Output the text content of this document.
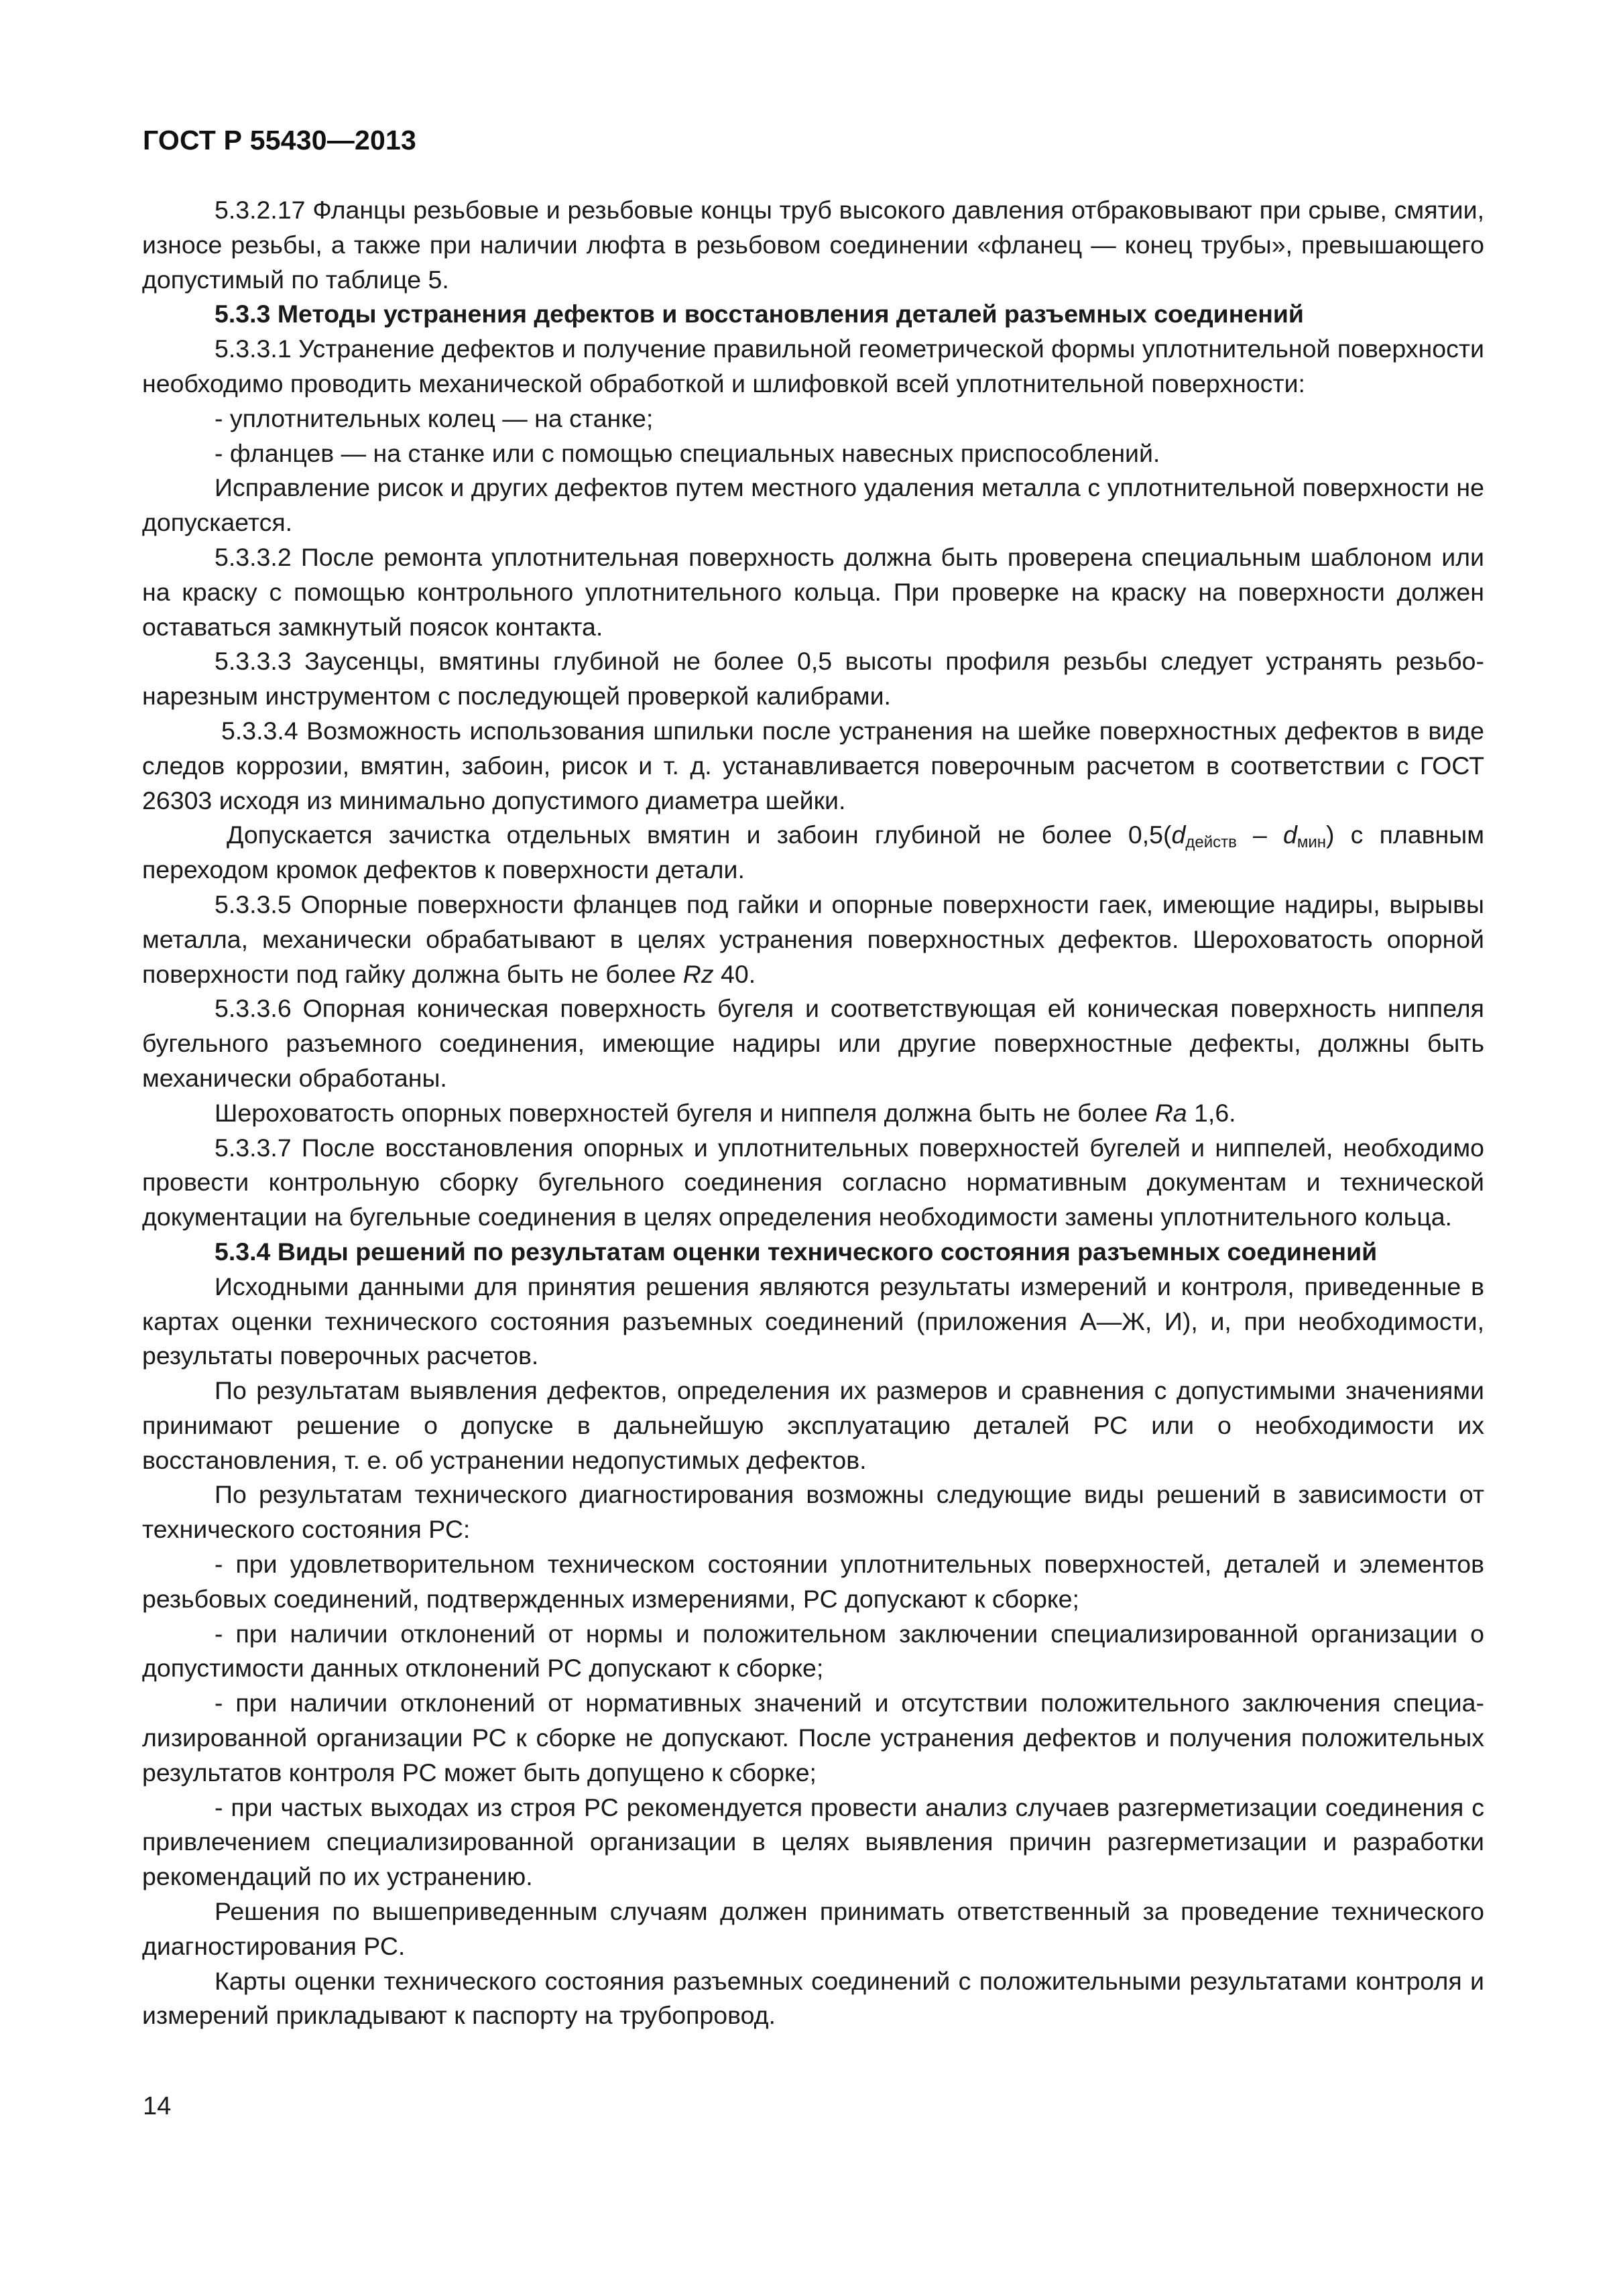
ГОСТ Р 55430—2013

5.3.2.17 Фланцы резьбовые и резьбовые концы труб высокого давления отбраковывают при срыве, смятии, износе резьбы, а также при наличии люфта в резьбовом соединении «фланец — конец трубы», превышающего допустимый по таблице 5.

5.3.3 Методы устранения дефектов и восстановления деталей разъемных соединений

5.3.3.1 Устранение дефектов и получение правильной геометрической формы уплотнительной поверхности необходимо проводить механической обработкой и шлифовкой всей уплотнительной поверхности:

- уплотнительных колец — на станке;

- фланцев — на станке или с помощью специальных навесных приспособлений.

Исправление рисок и других дефектов путем местного удаления металла с уплотнительной поверхности не допускается.

5.3.3.2 После ремонта уплотнительная поверхность должна быть проверена специальным шаблоном или на краску с помощью контрольного уплотнительного кольца. При проверке на краску на поверхности должен оставаться замкнутый поясок контакта.

5.3.3.3 Заусенцы, вмятины глубиной не более 0,5 высоты профиля резьбы следует устранять резьбонарезным инструментом с последующей проверкой калибрами.

5.3.3.4 Возможность использования шпильки после устранения на шейке поверхностных дефектов в виде следов коррозии, вмятин, забоин, рисок и т. д. устанавливается поверочным расчетом в соответствии с ГОСТ 26303 исходя из минимально допустимого диаметра шейки.

Допускается зачистка отдельных вмятин и забоин глубиной не более $0,5(d_{действ} - d_{мин})$ с плавным переходом кромок дефектов к поверхности детали.

5.3.3.5 Опорные поверхности фланцев под гайки и опорные поверхности гаек, имеющие надиры, вырывы металла, механически обрабатывают в целях устранения поверхностных дефектов. Шероховатость опорной поверхности под гайку должна быть не более Rz 40.

5.3.3.6 Опорная коническая поверхность бугеля и соответствующая ей коническая поверхность ниппеля бугельного разъемного соединения, имеющие надиры или другие поверхностные дефекты, должны быть механически обработаны.

Шероховатость опорных поверхностей бугеля и ниппеля должна быть не более Ra 1,6.

5.3.3.7 После восстановления опорных и уплотнительных поверхностей бугелей и ниппелей, необходимо провести контрольную сборку бугельного соединения согласно нормативным документам и технической документации на бугельные соединения в целях определения необходимости замены уплотнительного кольца.

5.3.4 Виды решений по результатам оценки технического состояния разъемных соединений

Исходными данными для принятия решения являются результаты измерений и контроля, приведенные в картах оценки технического состояния разъемных соединений (приложения А—Ж, И), и, при необходимости, результаты поверочных расчетов.

По результатам выявления дефектов, определения их размеров и сравнения с допустимыми значениями принимают решение о допуске в дальнейшую эксплуатацию деталей РС или о необходимости их восстановления, т. е. об устранении недопустимых дефектов.

По результатам технического диагностирования возможны следующие виды решений в зависимости от технического состояния РС:

- при удовлетворительном техническом состоянии уплотнительных поверхностей, деталей и элементов резьбовых соединений, подтвержденных измерениями, РС допускают к сборке;

- при наличии отклонений от нормы и положительном заключении специализированной организации о допустимости данных отклонений РС допускают к сборке;

- при наличии отклонений от нормативных значений и отсутствии положительного заключения специализированной организации РС к сборке не допускают. После устранения дефектов и получения положительных результатов контроля РС может быть допущено к сборке;

- при частых выходах из строя РС рекомендуется провести анализ случаев разгерметизации соединения с привлечением специализированной организации в целях выявления причин разгерметизации и разработки рекомендаций по их устранению.

Решения по вышеприведенным случаям должен принимать ответственный за проведение технического диагностирования РС.

Карты оценки технического состояния разъемных соединений с положительными результатами контроля и измерений прикладывают к паспорту на трубопровод.

14
